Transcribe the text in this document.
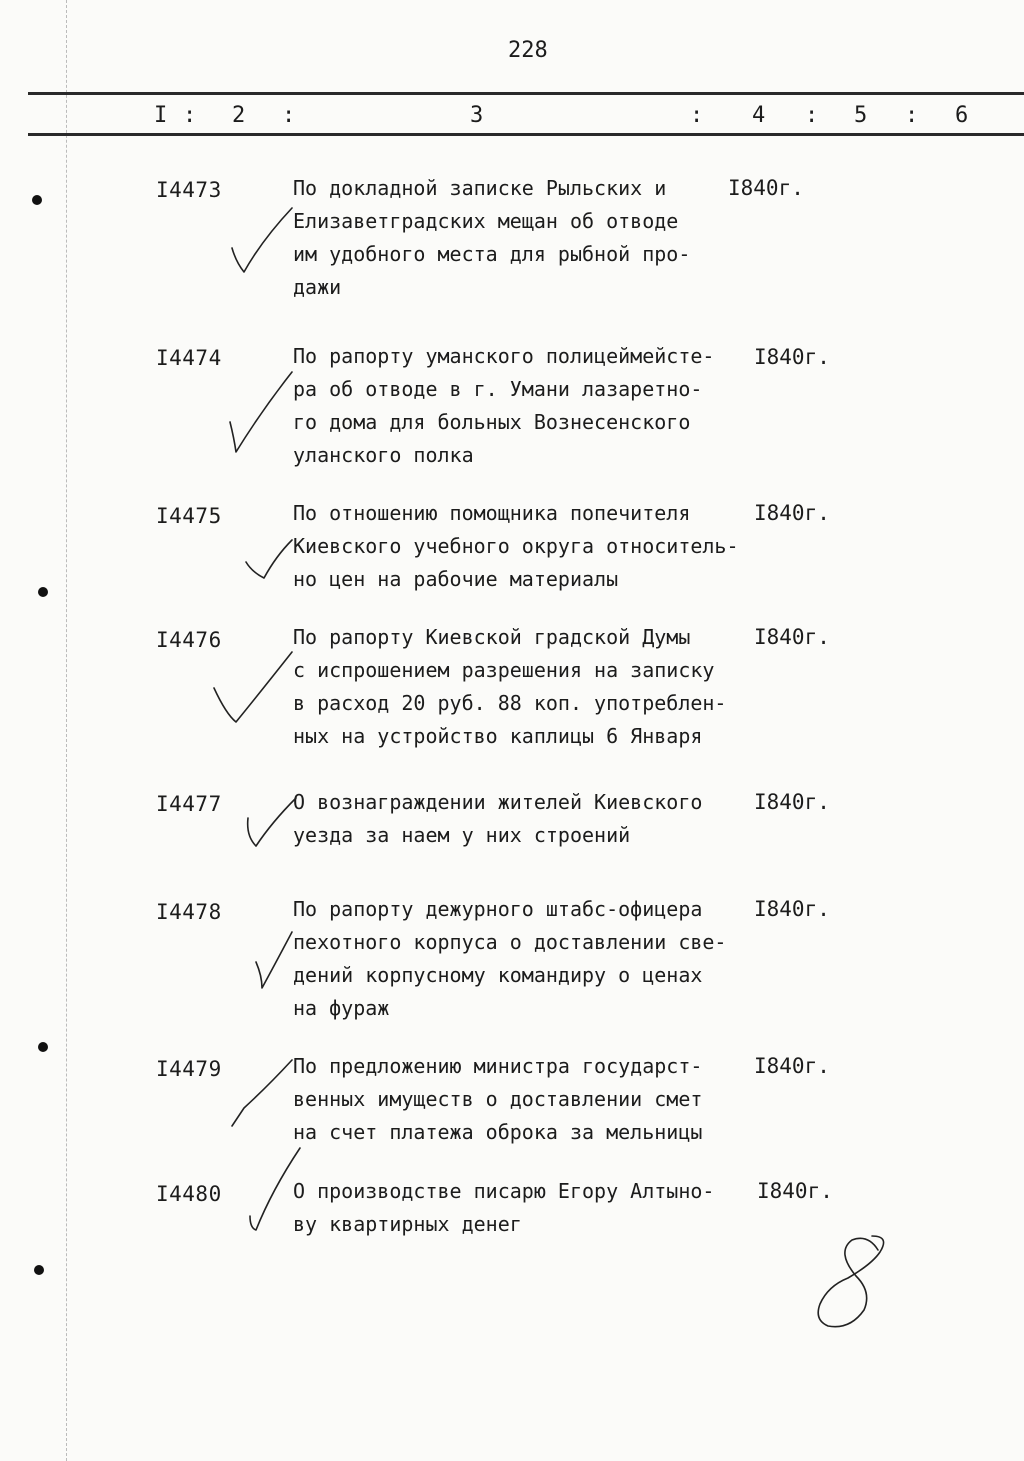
228
I : 2 :	3	: 4 : 5 : 6
I4473	По докладной записке Рыльских и
Елизаветградских мещан об отводе
им удобного места для рыбной про-
дажи
I840г.
I4474	По рапорту уманского полицеймейсте-
ра об отводе в г. Умани лазаретно-
го дома для больных Вознесенского
уланского полка
I840г.
I4475	По отношению помощника попечителя
Киевского учебного округа относитель-
но цен на рабочие материалы
I840г.
I4476	По рапорту Киевской градской Думы
с испрошением разрешения на записку
в расход 20 руб. 88 коп. употреблен-
ных на устройство каплицы 6 Января
I840г.
I4477	О вознаграждении жителей Киевского
уезда за наем у них строений
I840г.
I4478	По рапорту дежурного штабс-офицера
пехотного корпуса о доставлении све-
дений корпусному командиру о ценах
на фураж
I840г.
I4479	По предложению министра государст-
венных имуществ о доставлении смет
на счет платежа оброка за мельницы
I840г.
I4480	О производстве писарю Егору Алтыно-
ву квартирных денег
I840г.
